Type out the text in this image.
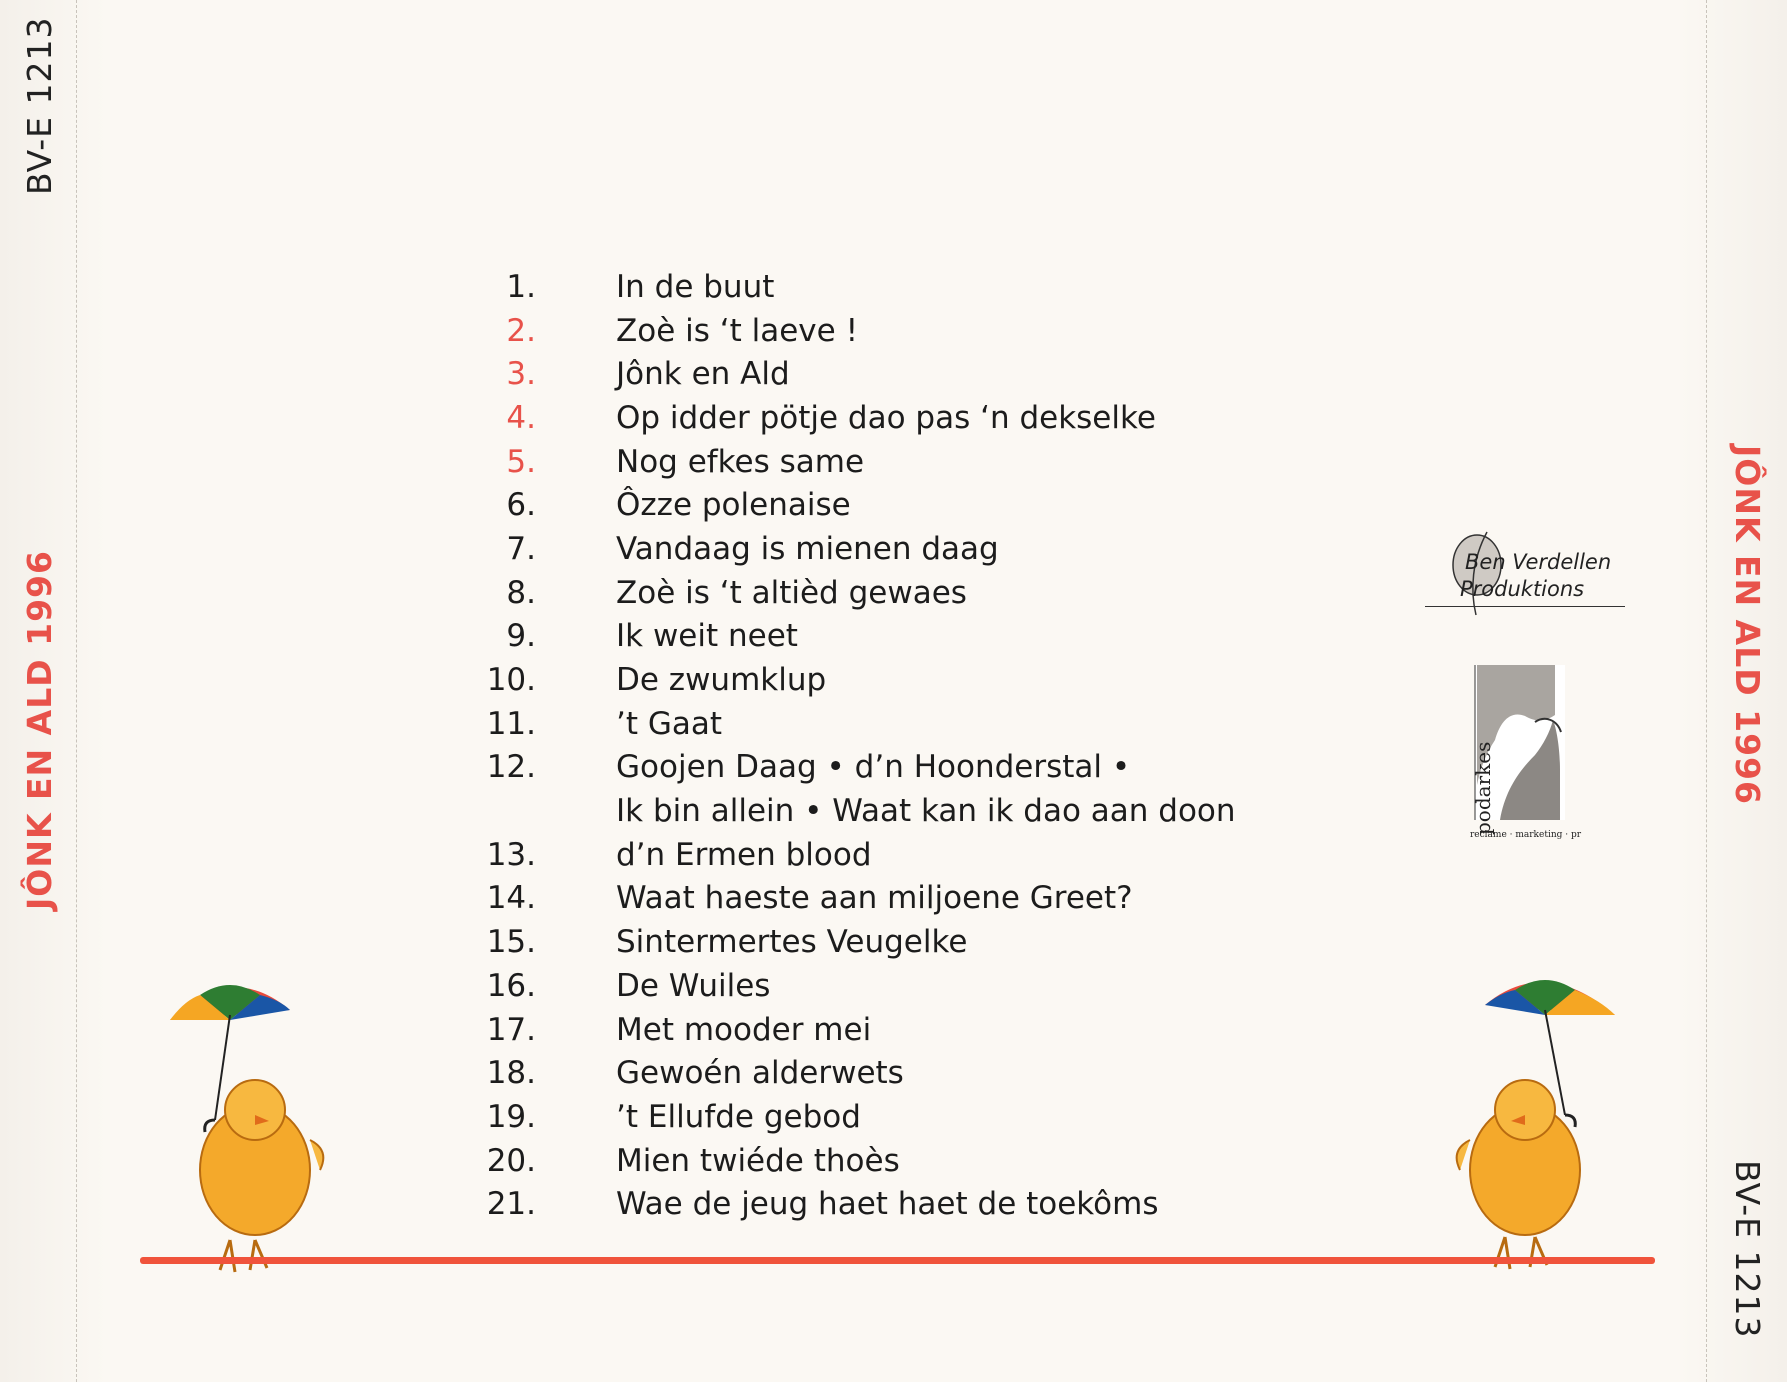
BV-E 1213
JÔNK EN ALD 1996	JÔNK EN ALD 1996
BV-E 1213
1.	In de buut
2.	Zoè is ‘t laeve !
3.	Jônk en Ald
4.	Op idder pötje dao pas ‘n dekselke
5.	Nog efkes same
6.	Ôzze polenaise
7.	Vandaag is mienen daag
8.	Zoè is ‘t altièd gewaes
9.	Ik weit neet
10.	De zwumklup
11.	’t Gaat
12.	Goojen Daag • d’n Hoonderstal •
Ik bin allein • Waat kan ik dao aan doon
13.	d’n Ermen blood
14.	Waat haeste aan miljoene Greet?
15.	Sintermertes Veugelke
16.	De Wuiles
17.	Met mooder mei
18.	Gewoén alderwets
19.	’t Ellufde gebod
20.	Mien twiéde thoès
21.	Wae de jeug haet haet de toekôms
Ben Verdellen
Produktions
podarkes
reclame · marketing · pr
